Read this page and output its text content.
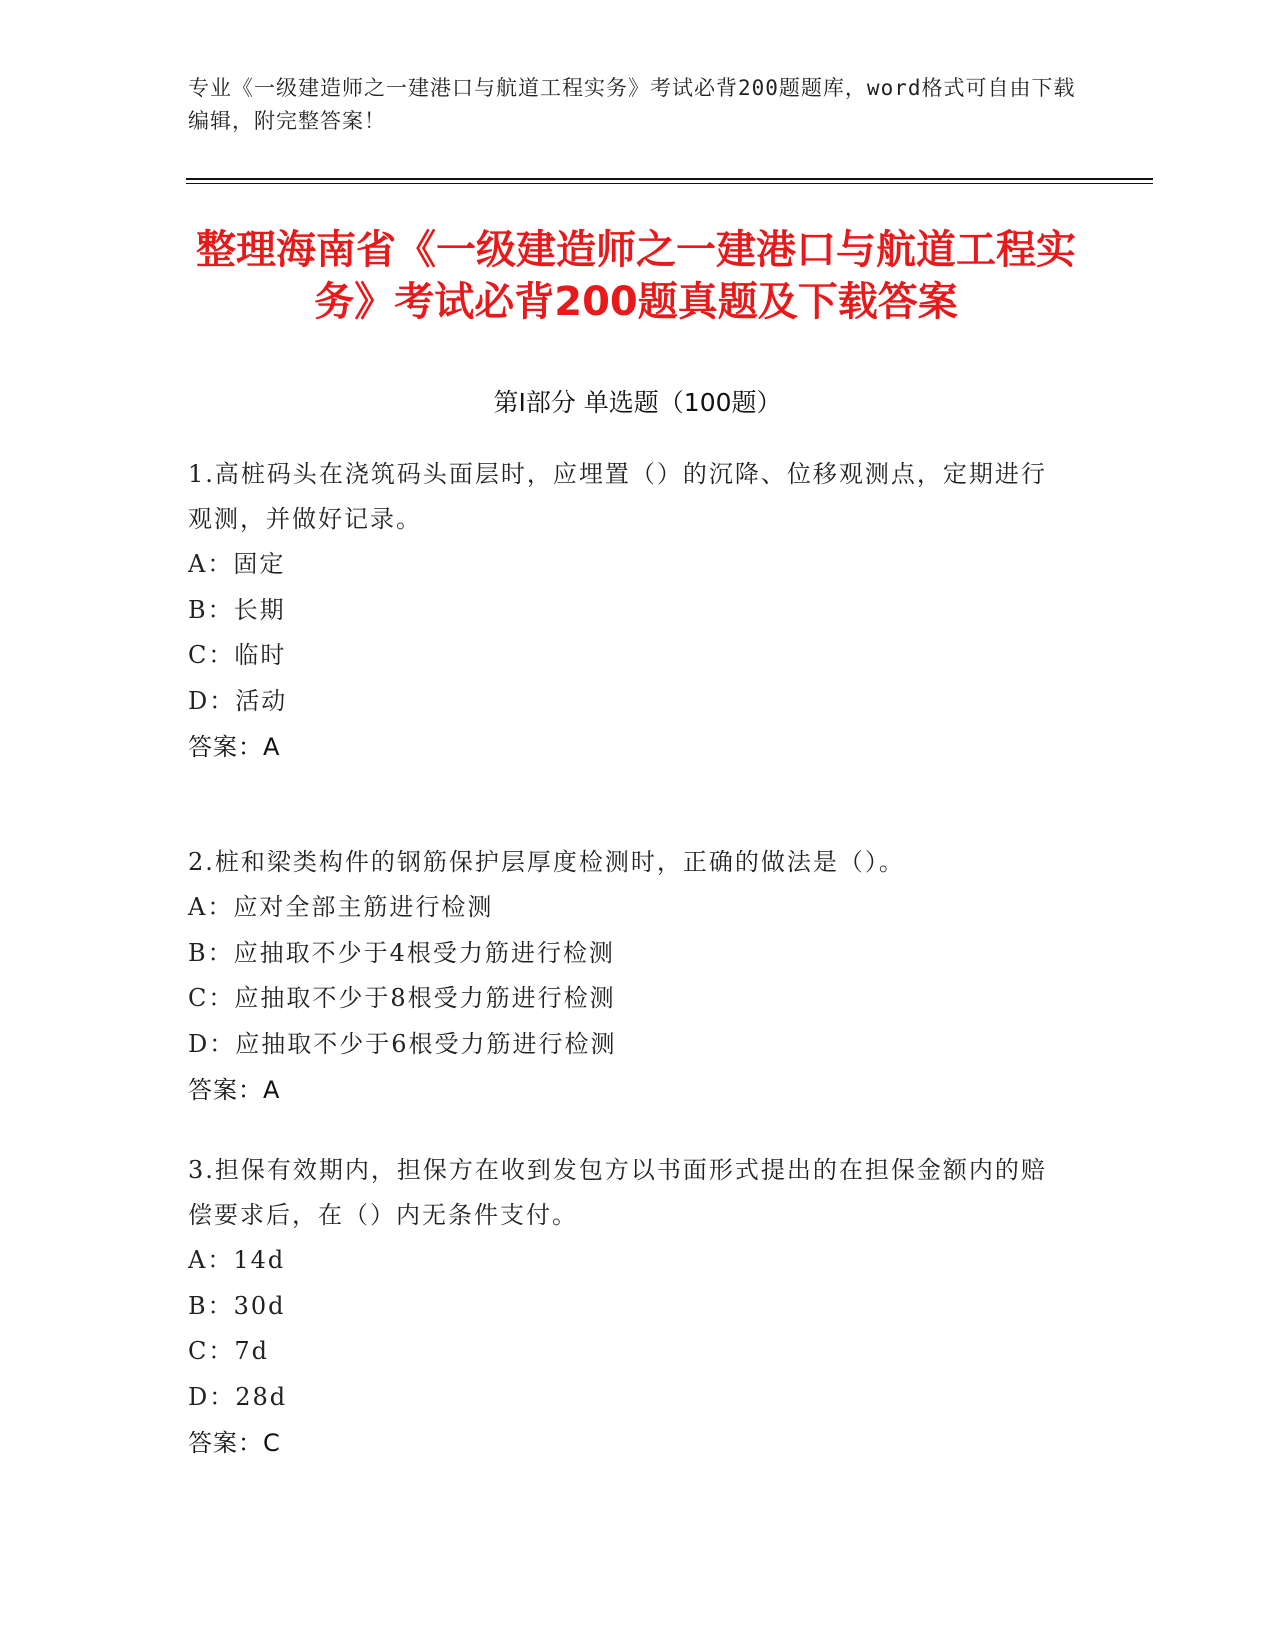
专业《一级建造师之一建港口与航道工程实务》考试必背200题题库，word格式可自由下载编辑，附完整答案！
整理海南省《一级建造师之一建港口与航道工程实务》考试必背200题真题及下载答案
第Ⅰ部分 单选题（100题）
1.高桩码头在浇筑码头面层时，应埋置（）的沉降、位移观测点，定期进行观测，并做好记录。
A：固定
B：长期
C：临时
D：活动
答案：A
2.桩和梁类构件的钢筋保护层厚度检测时，正确的做法是（）。
A：应对全部主筋进行检测
B：应抽取不少于4根受力筋进行检测
C：应抽取不少于8根受力筋进行检测
D：应抽取不少于6根受力筋进行检测
答案：A
3.担保有效期内，担保方在收到发包方以书面形式提出的在担保金额内的赔偿要求后，在（）内无条件支付。
A：14d
B：30d
C：7d
D：28d
答案：C
